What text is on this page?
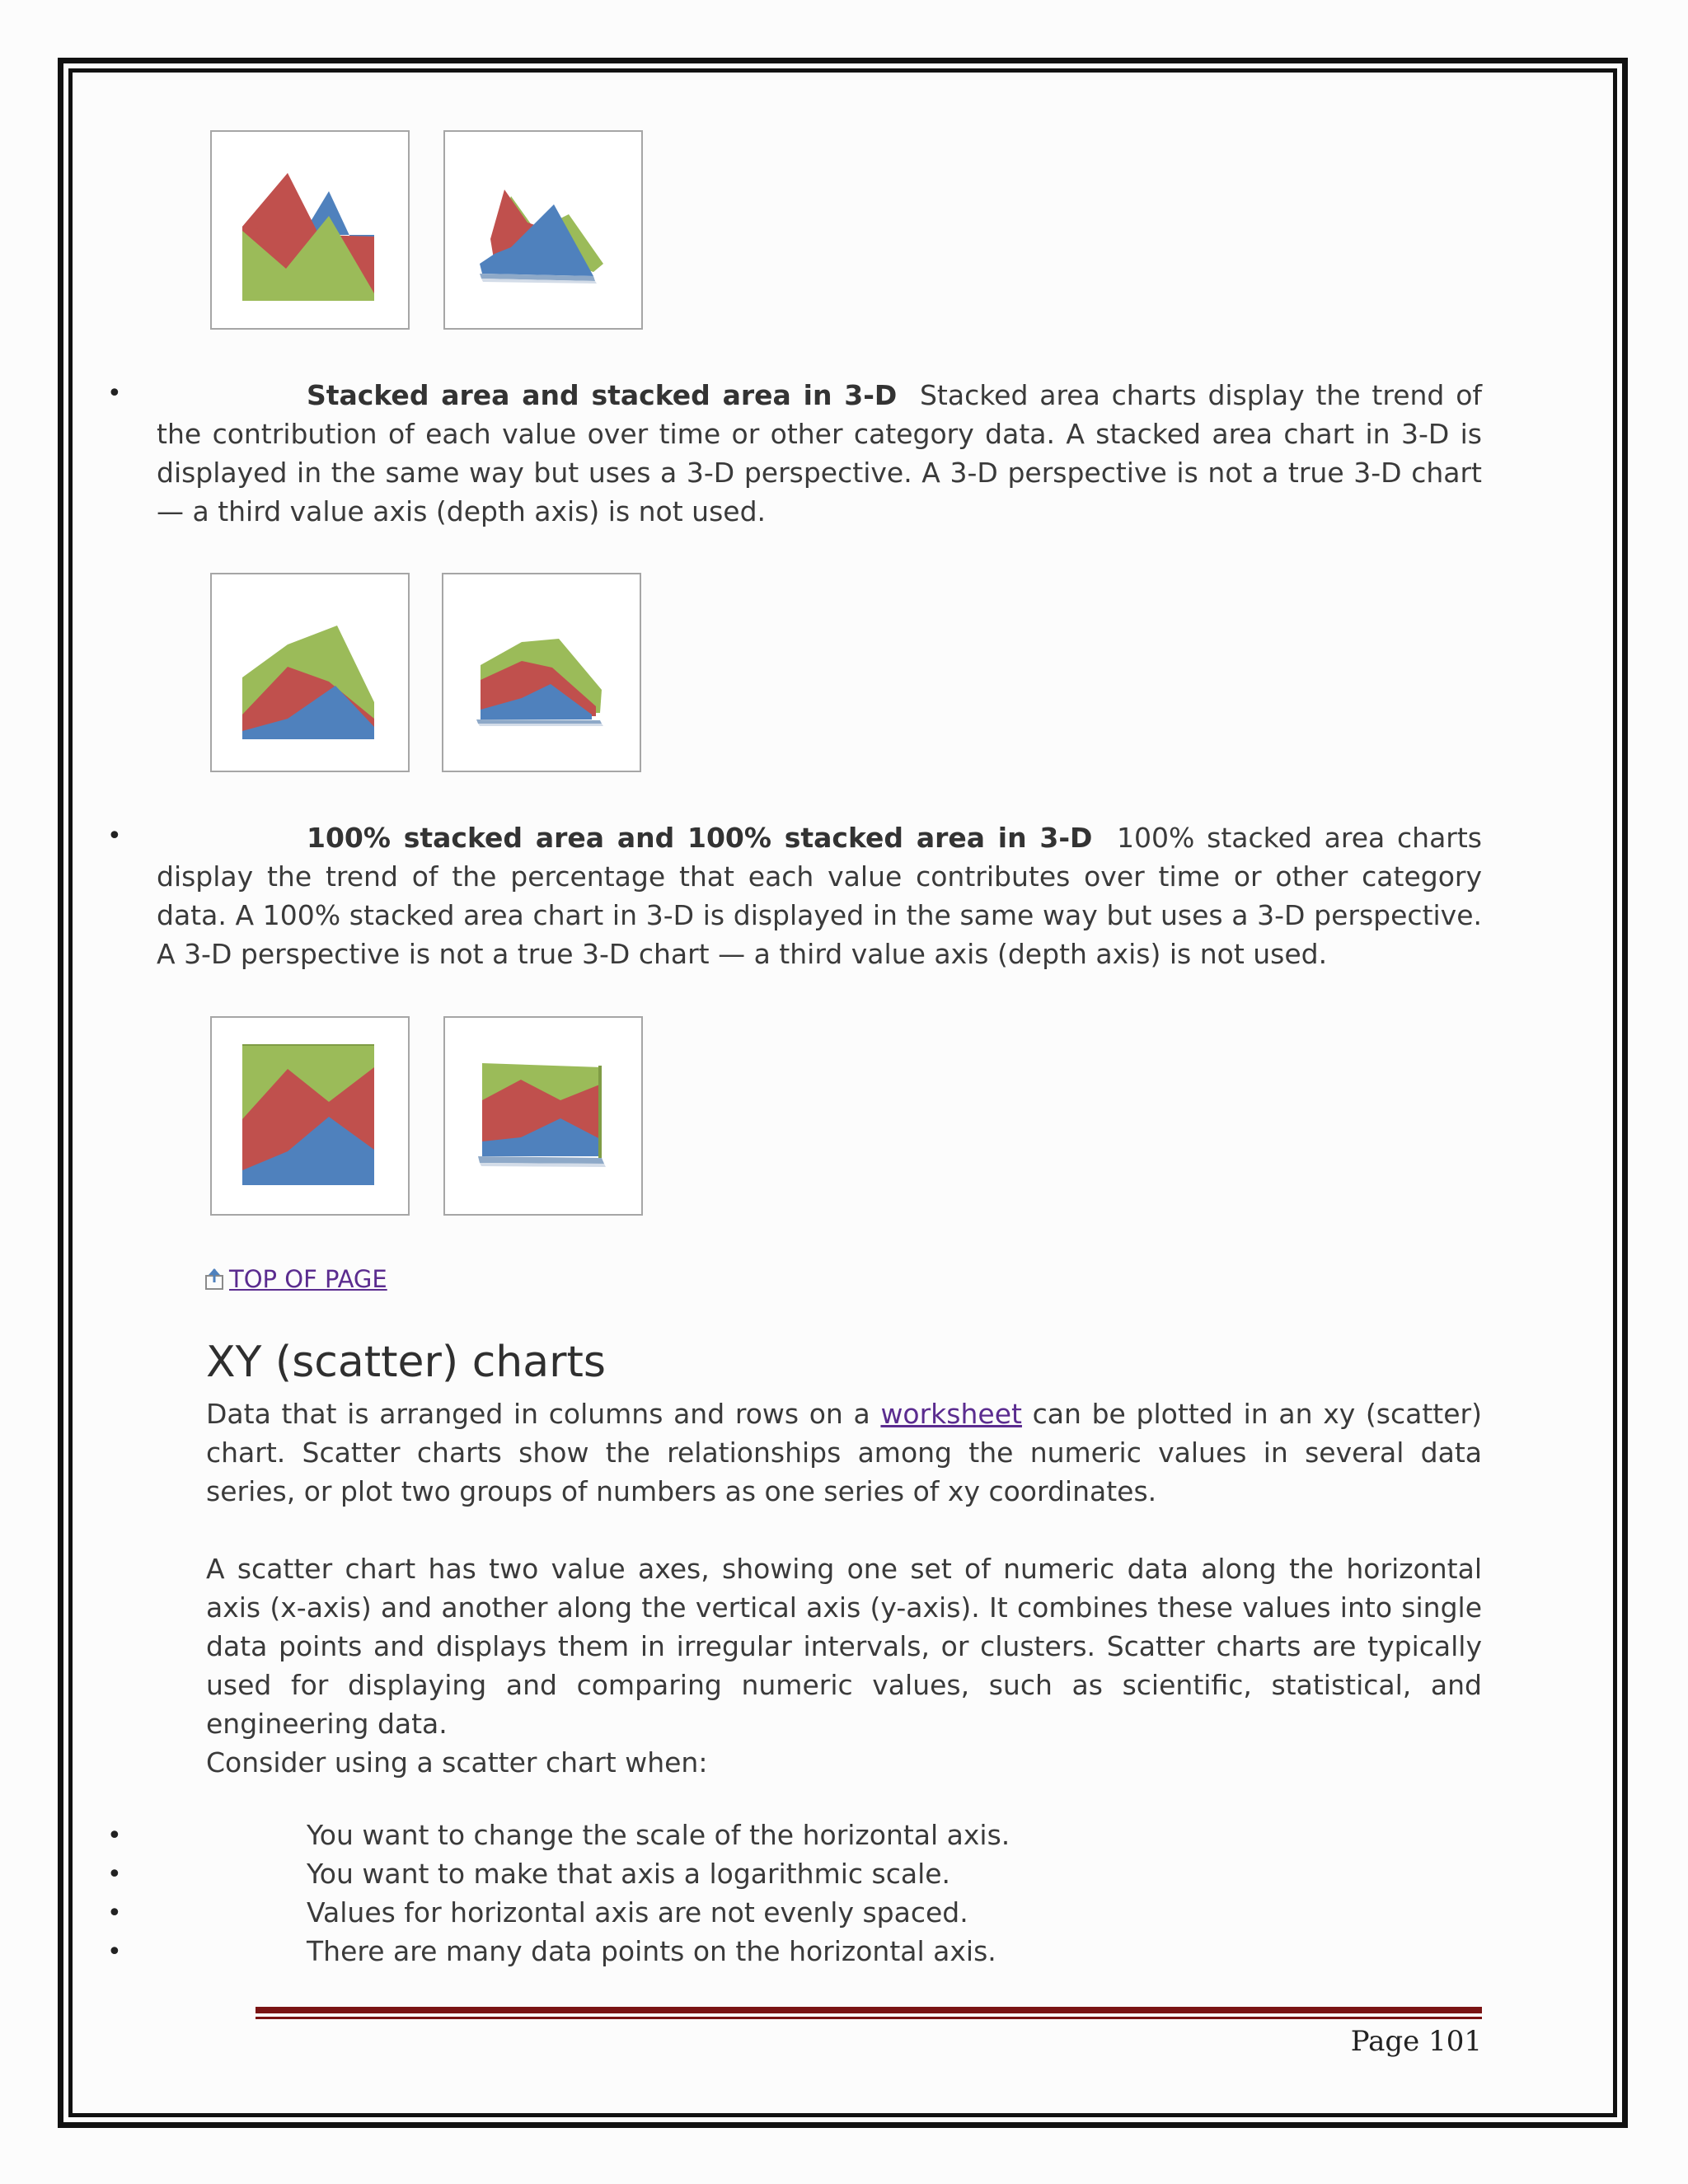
•	Stacked area and stacked area in 3-D Stacked area charts display the trend of the contribution of each value over time or other category data. A stacked area chart in 3-D is displayed in the same way but uses a 3-D perspective. A 3-D perspective is not a true 3-D chart — a third value axis (depth axis) is not used.
•	100% stacked area and 100% stacked area in 3-D 100% stacked area charts display the trend of the percentage that each value contributes over time or other category data. A 100% stacked area chart in 3-D is displayed in the same way but uses a 3-D perspective. A 3-D perspective is not a true 3-D chart — a third value axis (depth axis) is not used.
TOP OF PAGE
XY (scatter) charts
Data that is arranged in columns and rows on a worksheet can be plotted in an xy (scatter) chart. Scatter charts show the relationships among the numeric values in several data series, or plot two groups of numbers as one series of xy coordinates.
A scatter chart has two value axes, showing one set of numeric data along the horizontal axis (x-axis) and another along the vertical axis (y-axis). It combines these values into single data points and displays them in irregular intervals, or clusters. Scatter charts are typically used for displaying and comparing numeric values, such as scientific, statistical, and engineering data.
Consider using a scatter chart when:
•	You want to change the scale of the horizontal axis.
•	You want to make that axis a logarithmic scale.
•	Values for horizontal axis are not evenly spaced.
•	There are many data points on the horizontal axis.
Page 101
